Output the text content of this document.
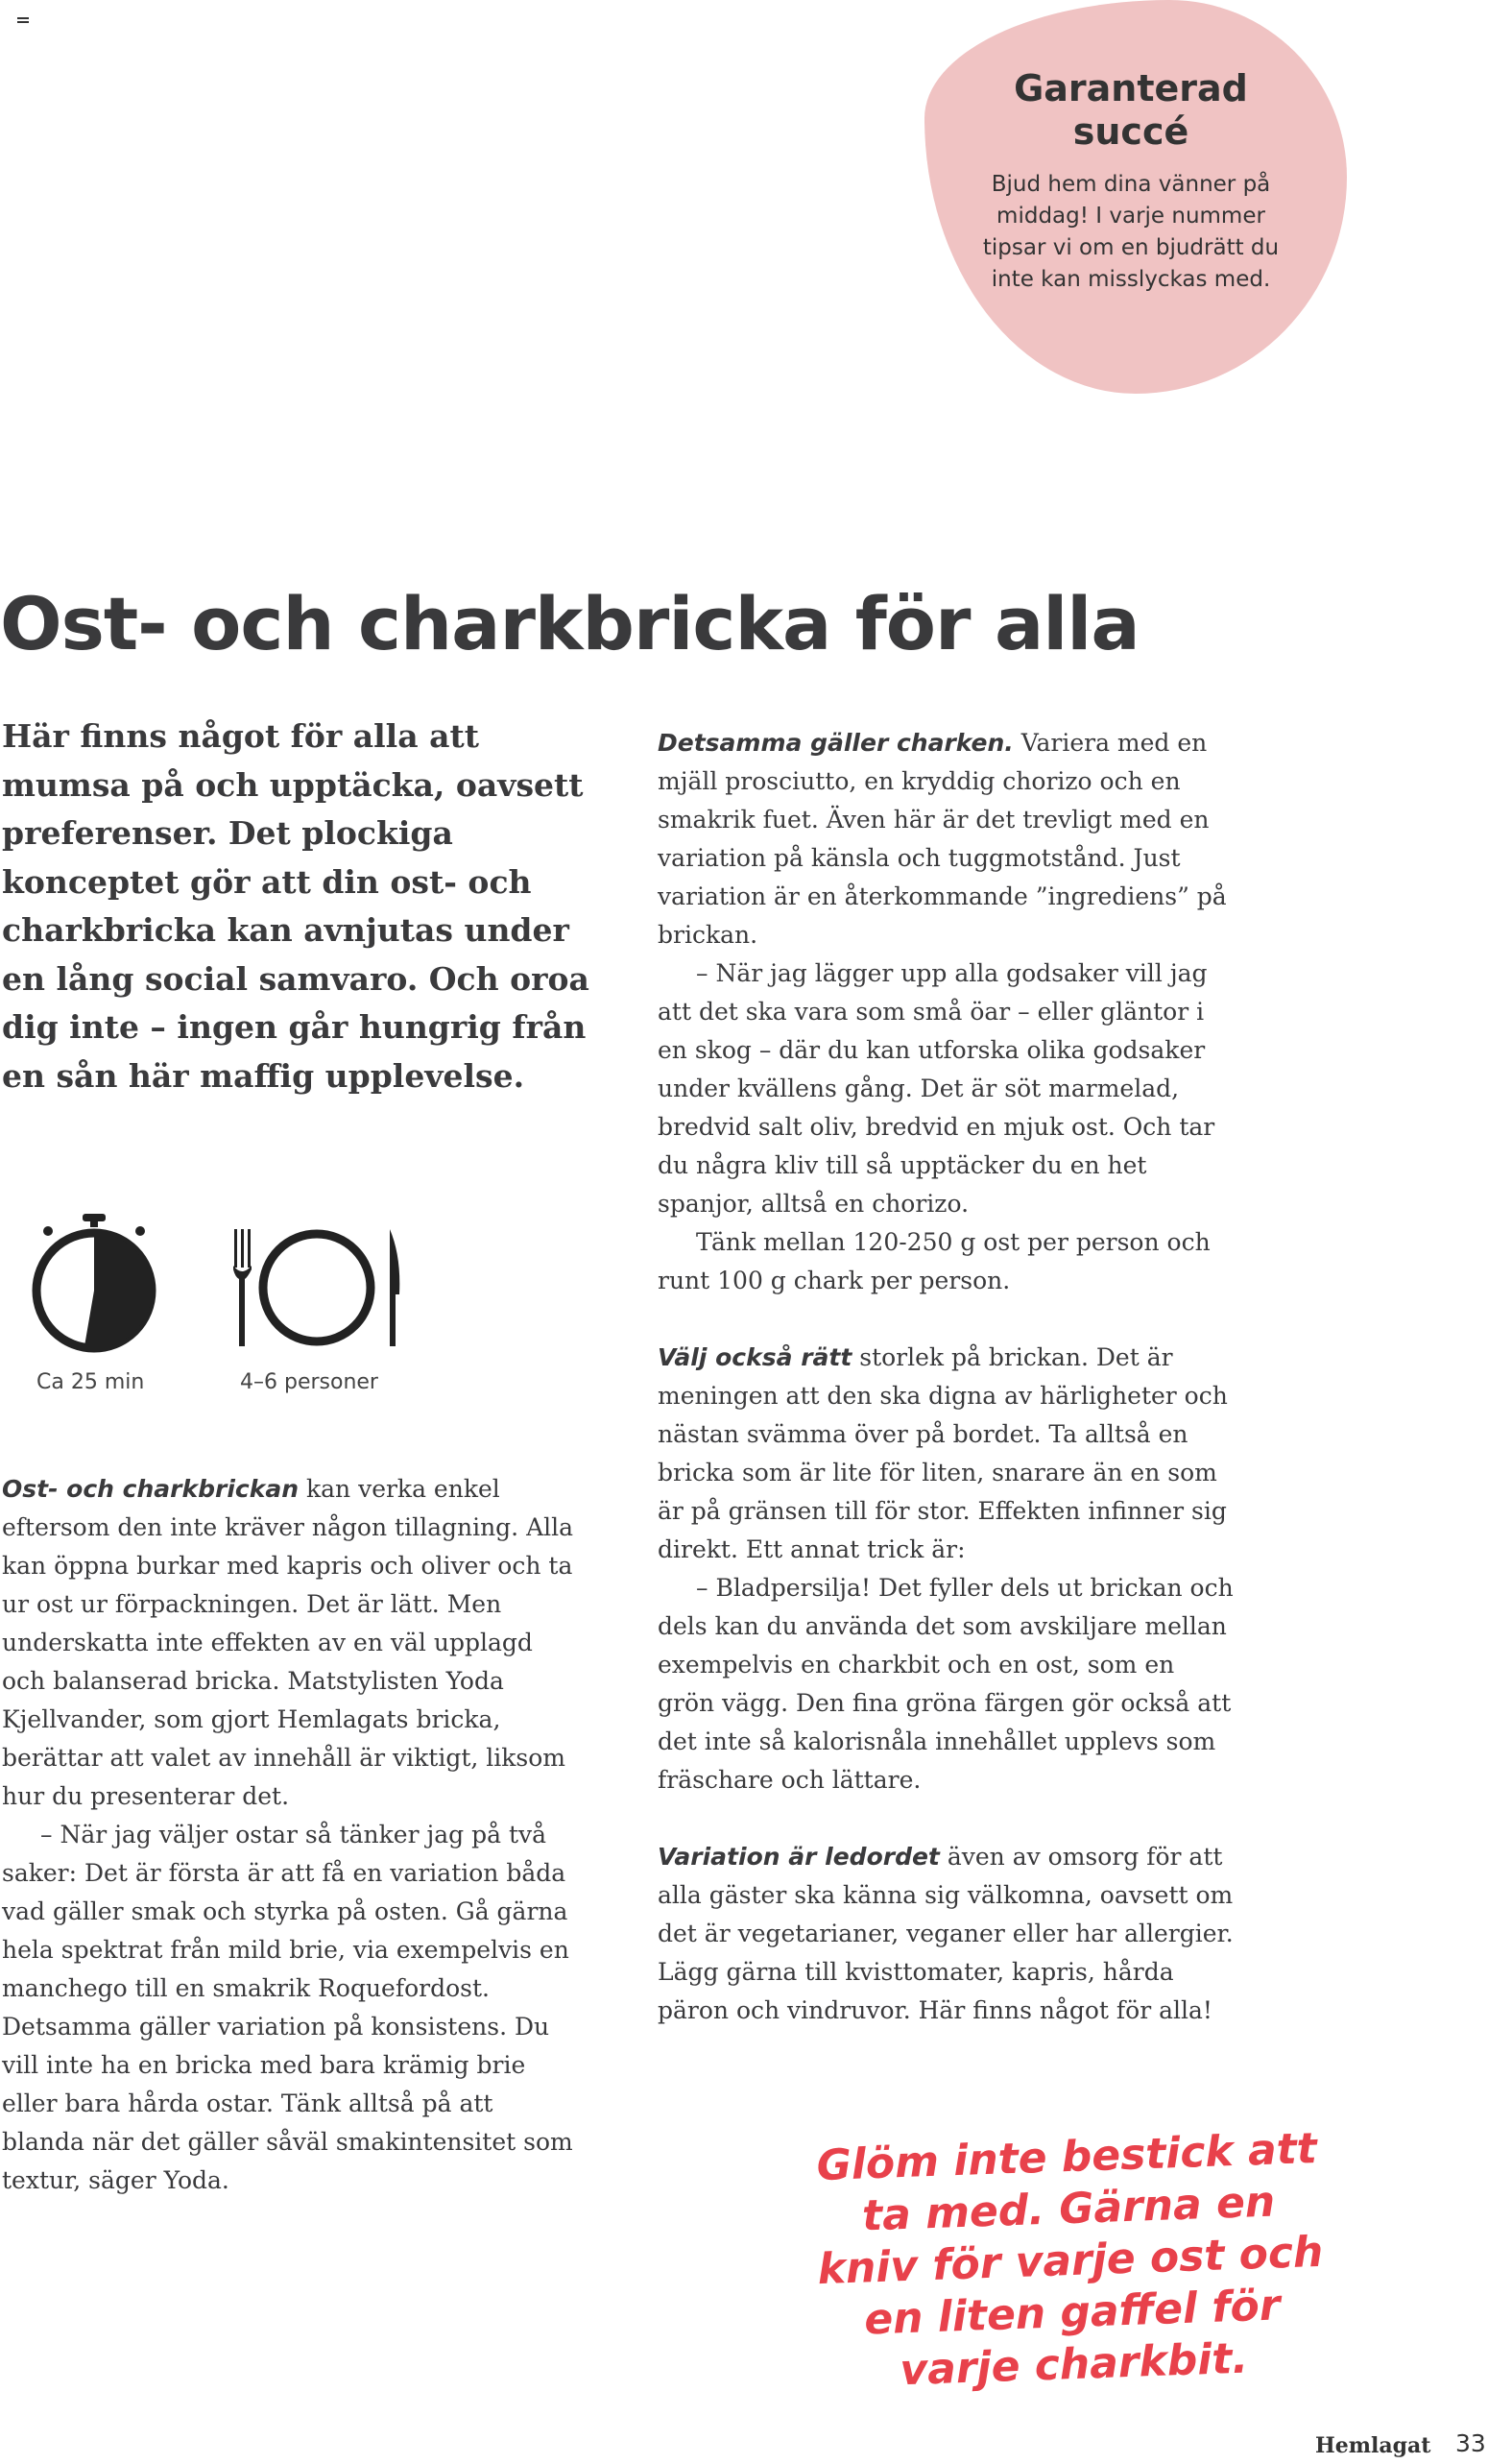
Garanterad succé
Bjud hem dina vänner på middag! I varje nummer tipsar vi om en bjudrätt du inte kan misslyckas med.
Ost- och charkbricka för alla
Här finns något för alla att mumsa på och upptäcka, oavsett preferenser. Det plockiga konceptet gör att din ost- och charkbricka kan avnjutas under en lång social samvaro. Och oroa dig inte – ingen går hungrig från en sån här maffig upplevelse.
Ca 25 min	4–6 personer

Ost- och charkbrickan kan verka enkel eftersom den inte kräver någon tillagning. Alla kan öppna burkar med kapris och oliver och ta ur ost ur förpackningen. Det är lätt. Men underskatta inte effekten av en väl upplagd och balanserad bricka. Matstylisten Yoda Kjellvander, som gjort Hemlagats bricka, berättar att valet av innehåll är viktigt, liksom hur du presenterar det.

– När jag väljer ostar så tänker jag på två saker: Det är första är att få en variation båda vad gäller smak och styrka på osten. Gå gärna hela spektrat från mild brie, via exempelvis en manchego till en smakrik Roquefordost. Detsamma gäller variation på konsistens. Du vill inte ha en bricka med bara krämig brie eller bara hårda ostar. Tänk alltså på att blanda när det gäller såväl smakintensitet som textur, säger Yoda.

Detsamma gäller charken. Variera med en mjäll prosciutto, en kryddig chorizo och en smakrik fuet. Även här är det trevligt med en variation på känsla och tuggmotstånd. Just variation är en återkommande ”ingrediens” på brickan.

– När jag lägger upp alla godsaker vill jag att det ska vara som små öar – eller gläntor i en skog – där du kan utforska olika godsaker under kvällens gång. Det är söt marmelad, bredvid salt oliv, bredvid en mjuk ost. Och tar du några kliv till så upptäcker du en het spanjor, alltså en chorizo.

Tänk mellan 120-250 g ost per person och runt 100 g chark per person.

Välj också rätt storlek på brickan. Det är meningen att den ska digna av härligheter och nästan svämma över på bordet. Ta alltså en bricka som är lite för liten, snarare än en som är på gränsen till för stor. Effekten infinner sig direkt. Ett annat trick är:

– Bladpersilja! Det fyller dels ut brickan och dels kan du använda det som avskiljare mellan exempelvis en charkbit och en ost, som en grön vägg. Den fina gröna färgen gör också att det inte så kalorisnåla innehållet upplevs som fräschare och lättare.

Variation är ledordet även av omsorg för att alla gäster ska känna sig välkomna, oavsett om det är vegetarianer, veganer eller har allergier. Lägg gärna till kvisttomater, kapris, hårda päron och vindruvor. Här finns något för alla!

Glöm inte bestick att ta med. Gärna en kniv för varje ost och en liten gaffel för varje charkbit.
Hemlagat 33
